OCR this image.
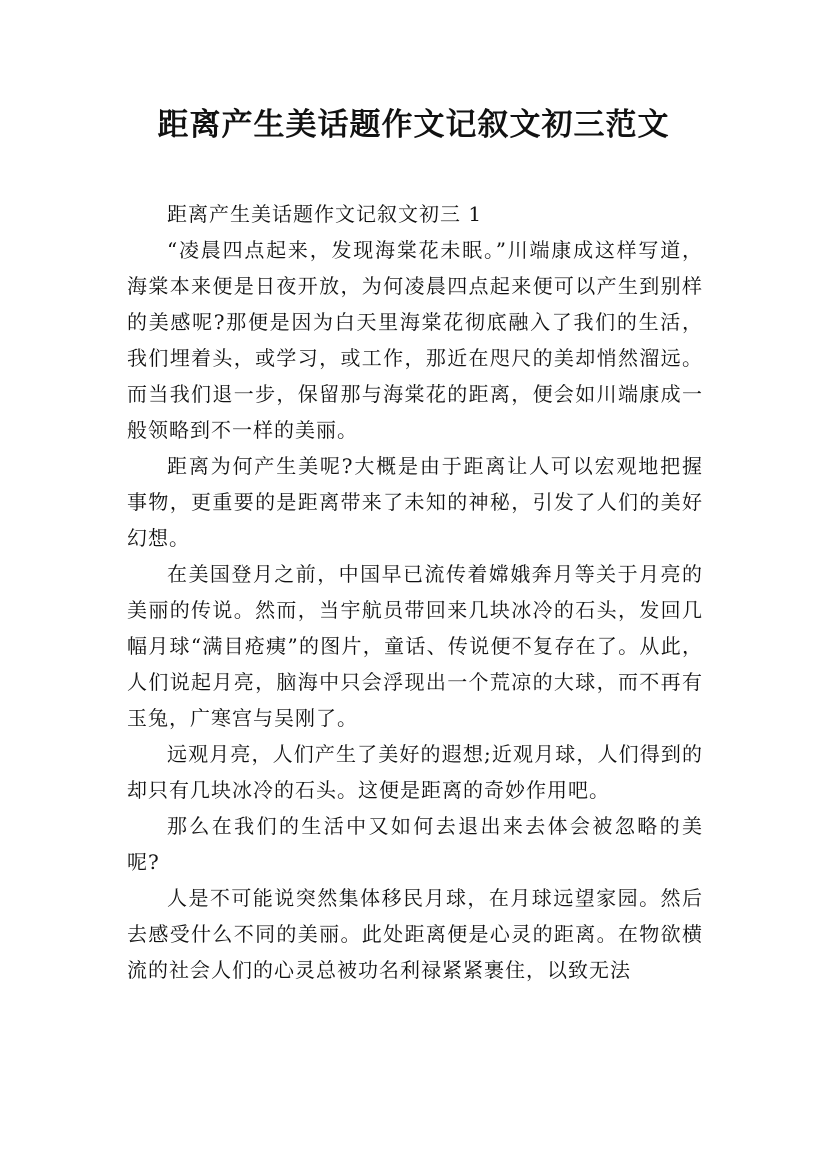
距离产生美话题作文记叙文初三范文

距离产生美话题作文记叙文初三 1

“凌晨四点起来，发现海棠花未眠。”川端康成这样写道，海棠本来便是日夜开放，为何凌晨四点起来便可以产生到别样的美感呢?那便是因为白天里海棠花彻底融入了我们的生活，我们埋着头，或学习，或工作，那近在咫尺的美却悄然溜远。而当我们退一步，保留那与海棠花的距离，便会如川端康成一般领略到不一样的美丽。

距离为何产生美呢?大概是由于距离让人可以宏观地把握事物，更重要的是距离带来了未知的神秘，引发了人们的美好幻想。

在美国登月之前，中国早已流传着嫦娥奔月等关于月亮的美丽的传说。然而，当宇航员带回来几块冰冷的石头，发回几幅月球“满目疮痍”的图片，童话、传说便不复存在了。从此，人们说起月亮，脑海中只会浮现出一个荒凉的大球，而不再有玉兔，广寒宫与吴刚了。

远观月亮，人们产生了美好的遐想;近观月球，人们得到的却只有几块冰冷的石头。这便是距离的奇妙作用吧。

那么在我们的生活中又如何去退出来去体会被忽略的美呢?

人是不可能说突然集体移民月球，在月球远望家园。然后去感受什么不同的美丽。此处距离便是心灵的距离。在物欲横流的社会人们的心灵总被功名利禄紧紧裹住，以致无法
